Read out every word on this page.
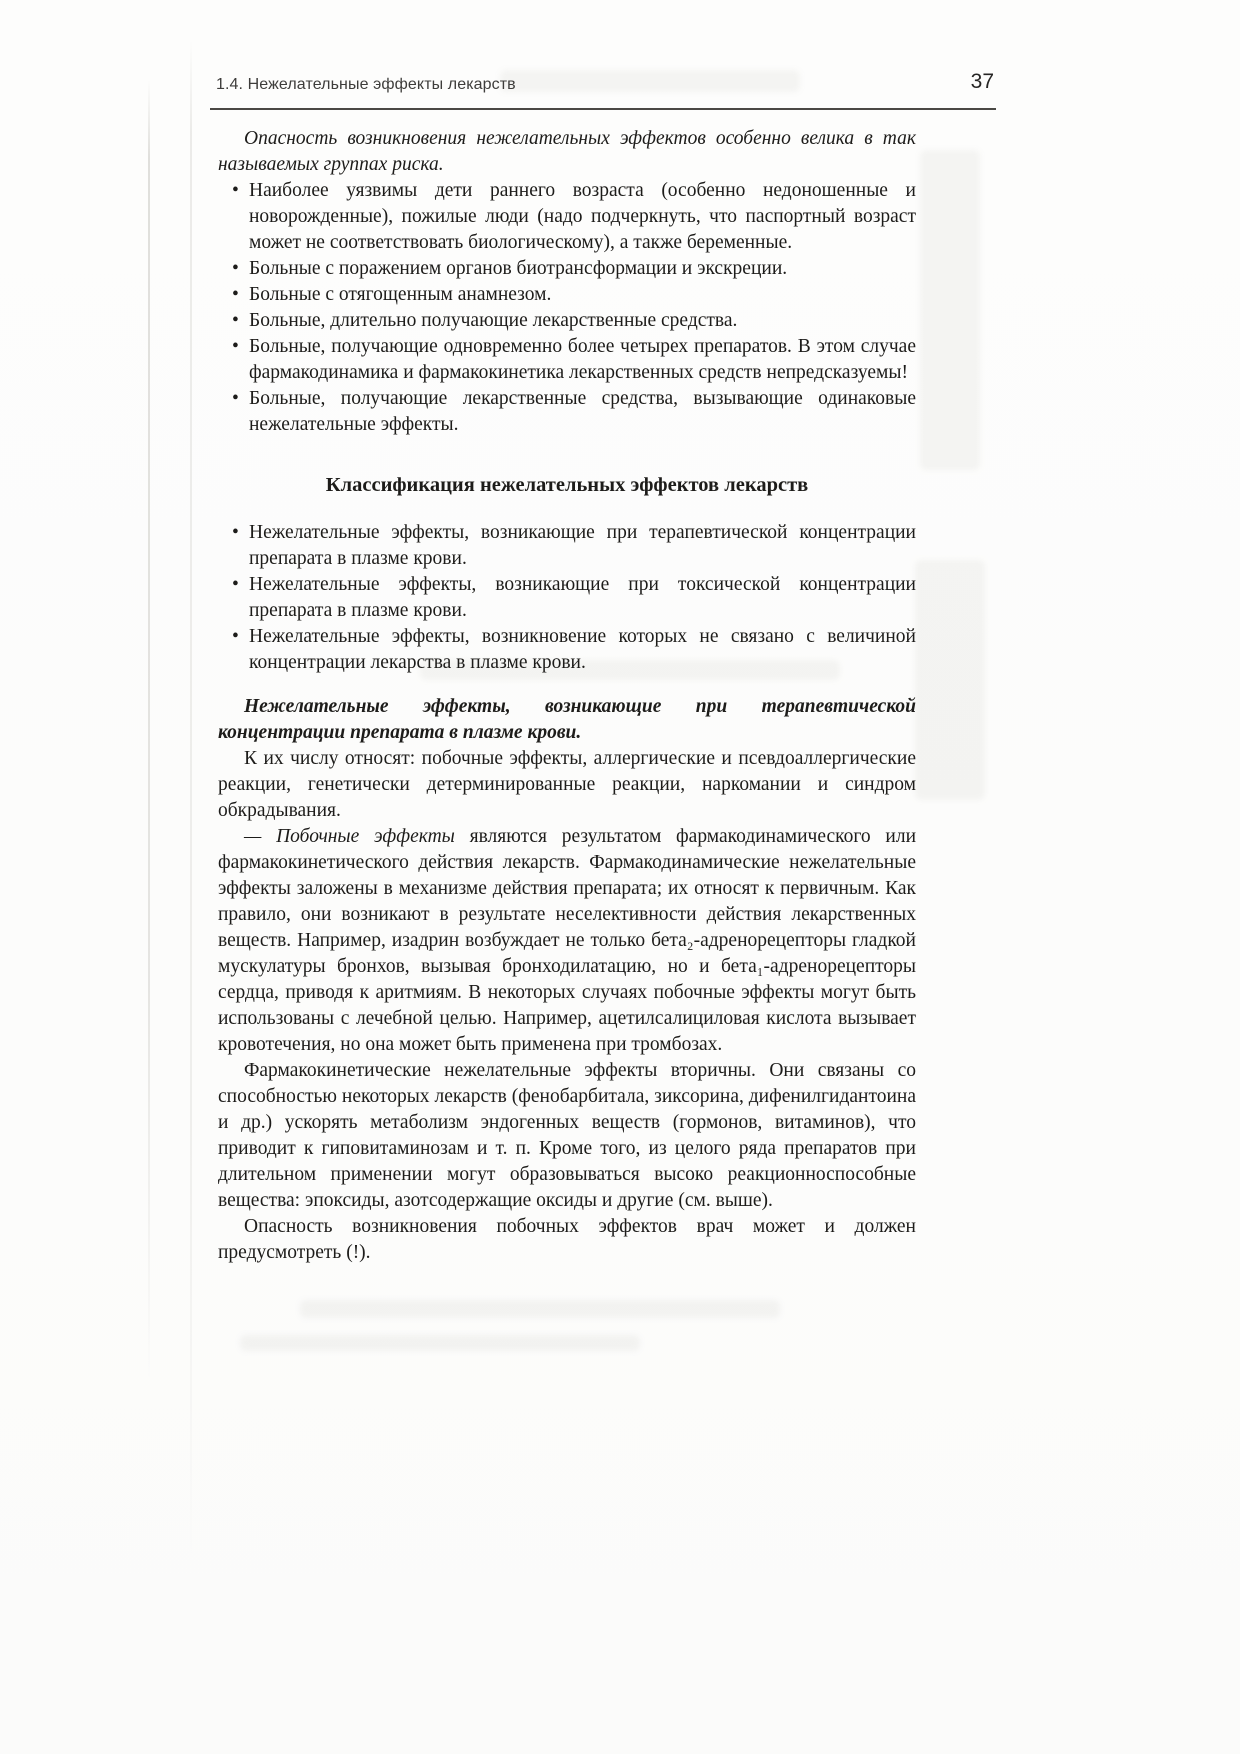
1.4. Нежелательные эффекты лекарств	37

Опасность возникновения нежелательных эффектов особенно велика в так называемых группах риска.

• Наиболее уязвимы дети раннего возраста (особенно недоношенные и новорожденные), пожилые люди (надо подчеркнуть, что паспортный возраст может не соответствовать биологическому), а также беременные.
• Больные с поражением органов биотрансформации и экскреции.
• Больные с отягощенным анамнезом.
• Больные, длительно получающие лекарственные средства.
• Больные, получающие одновременно более четырех препаратов. В этом случае фармакодинамика и фармакокинетика лекарственных средств непредсказуемы!
• Больные, получающие лекарственные средства, вызывающие одинаковые нежелательные эффекты.
Классификация нежелательных эффектов лекарств
• Нежелательные эффекты, возникающие при терапевтической концентрации препарата в плазме крови.
• Нежелательные эффекты, возникающие при токсической концентрации препарата в плазме крови.
• Нежелательные эффекты, возникновение которых не связано с величиной концентрации лекарства в плазме крови.

Нежелательные эффекты, возникающие при терапевтической концентрации препарата в плазме крови.

К их числу относят: побочные эффекты, аллергические и псевдоаллергические реакции, генетически детерминированные реакции, наркомании и синдром обкрадывания.

— Побочные эффекты являются результатом фармакодинамического или фармакокинетического действия лекарств. Фармакодинамические нежелательные эффекты заложены в механизме действия препарата; их относят к первичным. Как правило, они возникают в результате неселективности действия лекарственных веществ. Например, изадрин возбуждает не только бета₂-адренорецепторы гладкой мускулатуры бронхов, вызывая бронходилатацию, но и бета₁-адренорецепторы сердца, приводя к аритмиям. В некоторых случаях побочные эффекты могут быть использованы с лечебной целью. Например, ацетилсалициловая кислота вызывает кровотечения, но она может быть применена при тромбозах.

Фармакокинетические нежелательные эффекты вторичны. Они связаны со способностью некоторых лекарств (фенобарбитала, зиксорина, дифенилгидантоина и др.) ускорять метаболизм эндогенных веществ (гормонов, витаминов), что приводит к гиповитаминозам и т. п. Кроме того, из целого ряда препаратов при длительном применении могут образовываться высоко реакционноспособные вещества: эпоксиды, азотсодержащие оксиды и другие (см. выше).

Опасность возникновения побочных эффектов врач может и должен предусмотреть (!).
